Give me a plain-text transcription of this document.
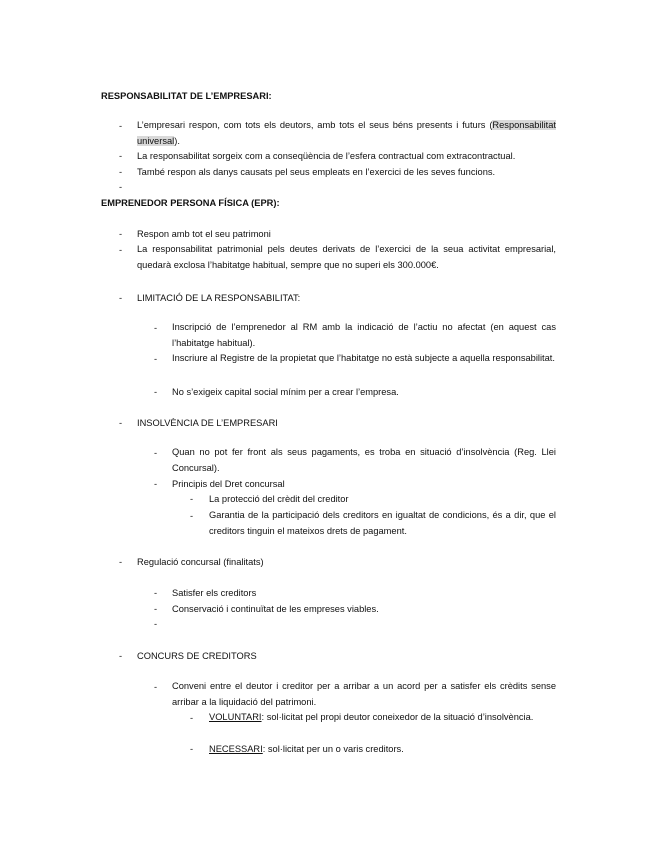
RESPONSABILITAT DE L’EMPRESARI:
- L’empresari respon, com tots els deutors, amb tots el seus béns presents i futurs (Responsabilitat universal).
- La responsabilitat sorgeix com a conseqüència de l’esfera contractual com extracontractual.
- També respon als danys causats pel seus empleats en l’exercici de les seves funcions.
-
EMPRENEDOR PERSONA FÍSICA (EPR):
- Respon amb tot el seu patrimoni
- La responsabilitat patrimonial pels deutes derivats de l’exercici de la seua activitat empresarial, quedarà exclosa l’habitatge habitual, sempre que no superi els 300.000€.
- LIMITACIÓ DE LA RESPONSABILITAT:
- Inscripció de l’emprenedor al RM amb la indicació de l’actiu no afectat (en aquest cas l’habitatge habitual).
- Inscriure al Registre de la propietat que l’habitatge no està subjecte a aquella responsabilitat.
- No s’exigeix capital social mínim per a crear l’empresa.
- INSOLVÈNCIA DE L’EMPRESARI
- Quan no pot fer front als seus pagaments, es troba en situació d’insolvència (Reg. Llei Concursal).
- Principis del Dret concursal
- La protecció del crèdit del creditor
- Garantia de la participació dels creditors en igualtat de condicions, és a dir, que el creditors tinguin el mateixos drets de pagament.
- Regulació concursal (finalitats)
- Satisfer els creditors
- Conservació i continuïtat de les empreses viables.
-
- CONCURS DE CREDITORS
- Conveni entre el deutor i creditor per a arribar a un acord per a satisfer els crèdits sense arribar a la liquidació del patrimoni.
- VOLUNTARI: sol·licitat pel propi deutor coneixedor de la situació d’insolvència.
- NECESSARI: sol·licitat per un o varis creditors.
